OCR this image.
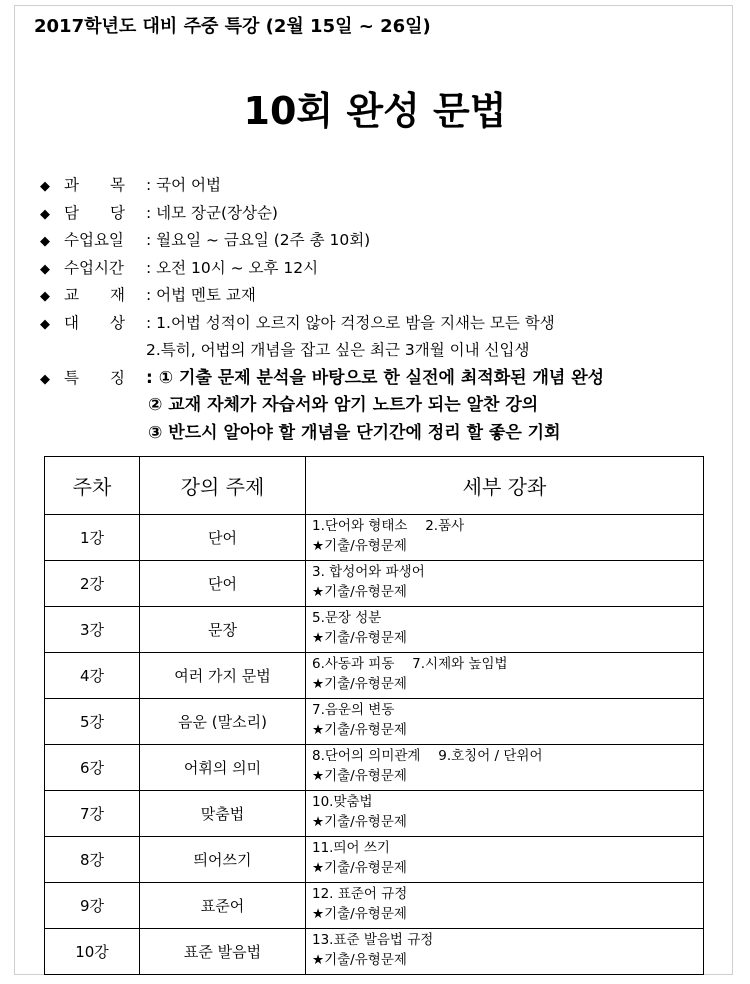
2017학년도 대비 주중 특강 (2월 15일 ~ 26일)
10회 완성 문법
◆ 과　　목 : 국어 어법
◆ 담　　당 : 네모 장군(장상순)
◆ 수업요일 : 월요일 ~ 금요일 (2주 총 10회)
◆ 수업시간 : 오전 10시 ~ 오후 12시
◆ 교　　재 : 어법 멘토 교재
◆ 대　　상 : 1.어법 성적이 오르지 않아 걱정으로 밤을 지새는 모든 학생
2.특히, 어법의 개념을 잡고 싶은 최근 3개월 이내 신입생
◆ 특　　징 : ① 기출 문제 분석을 바탕으로 한 실전에 최적화된 개념 완성
② 교재 자체가 자습서와 암기 노트가 되는 알찬 강의
③ 반드시 알아야 할 개념을 단기간에 정리 할 좋은 기회
주차	강의 주제	세부 강좌
1강	단어	1.단어와 형태소　 2.품사
★기출/유형문제

2강	단어	3. 합성어와 파생어
★기출/유형문제

3강	문장	5.문장 성분
★기출/유형문제

4강	여러 가지 문법	6.사동과 피동　 7.시제와 높임법
★기출/유형문제

5강	음운 (말소리)	7.음운의 변동
★기출/유형문제

6강	어휘의 의미	8.단어의 의미관계　 9.호칭어 / 단위어
★기출/유형문제

7강	맞춤법	10.맞춤법
★기출/유형문제

8강	띄어쓰기	11.띄어 쓰기
★기출/유형문제

9강	표준어	12. 표준어 규정
★기출/유형문제

10강	표준 발음법	13.표준 발음법 규정
★기출/유형문제
